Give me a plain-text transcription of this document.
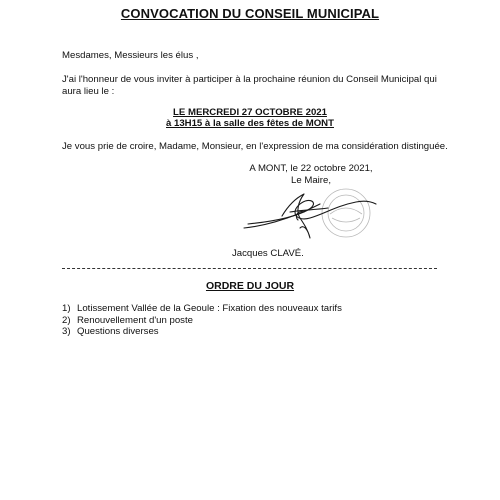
CONVOCATION DU CONSEIL MUNICIPAL
Mesdames, Messieurs les élus ,
J'ai l'honneur de vous inviter à participer à la prochaine réunion du Conseil Municipal qui aura lieu le :
LE MERCREDI 27 OCTOBRE 2021
à 13H15 à la salle des fêtes de MONT
Je vous prie de croire, Madame, Monsieur, en l'expression de ma considération distinguée.
A MONT, le 22 octobre 2021,
Le Maire,
Jacques CLAVÉ.
ORDRE DU JOUR
1) Lotissement Vallée de la Geoule : Fixation des nouveaux tarifs
2) Renouvellement d'un poste
3) Questions diverses
